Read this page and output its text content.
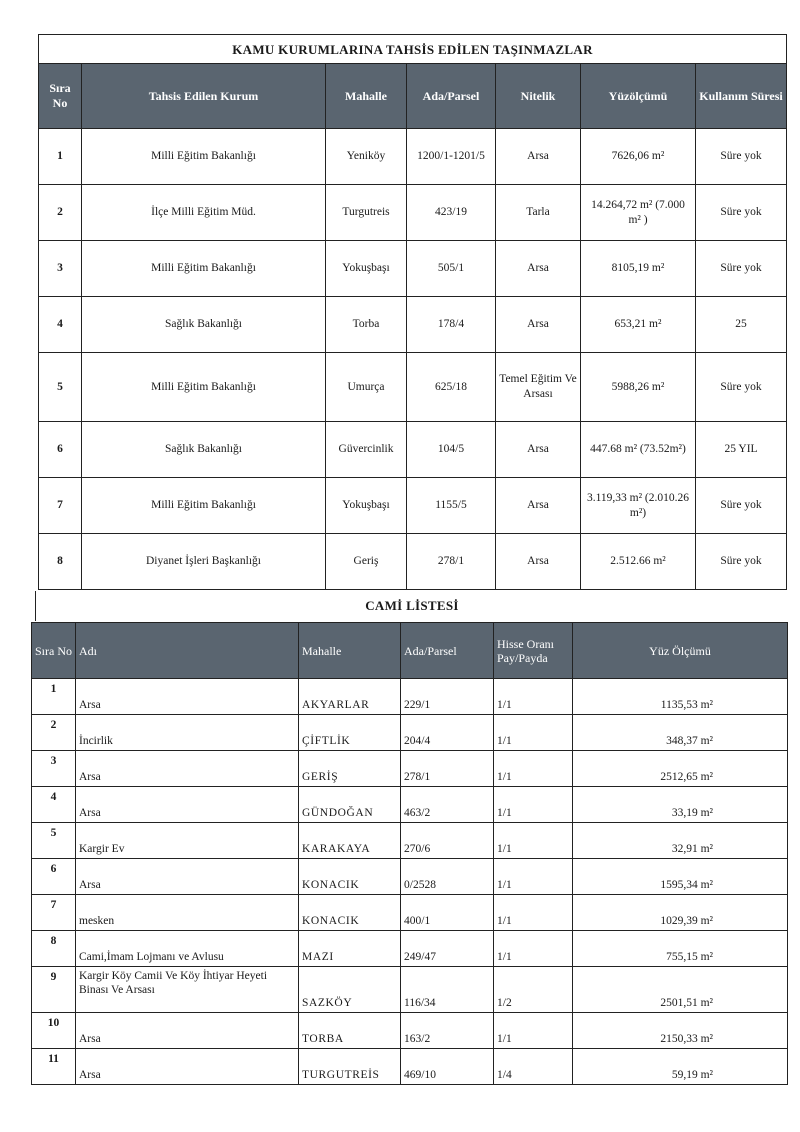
KAMU KURUMLARINA TAHSİS EDİLEN TAŞINMAZLAR						
Sıra No	Tahsis Edilen Kurum	Mahalle	Ada/Parsel	Nitelik	Yüzölçümü	Kullanım Süresi
1	Milli Eğitim Bakanlığı	Yeniköy	1200/1-1201/5	Arsa	7626,06 m²	Süre yok
2	İlçe Milli Eğitim Müd.	Turgutreis	423/19	Tarla	14.264,72 m² (7.000 m² )	Süre yok
3	Milli Eğitim Bakanlığı	Yokuşbaşı	505/1	Arsa	8105,19 m²	Süre yok
4	Sağlık Bakanlığı	Torba	178/4	Arsa	653,21 m²	25
5	Milli Eğitim Bakanlığı	Umurça	625/18	Temel Eğitim Ve Arsası	5988,26 m²	Süre yok
6	Sağlık Bakanlığı	Güvercinlik	104/5	Arsa	447.68 m² (73.52m²)	25 YIL
7	Milli Eğitim Bakanlığı	Yokuşbaşı	1155/5	Arsa	3.119,33 m² (2.010.26 m²)	Süre yok
8	Diyanet İşleri Başkanlığı	Geriş	278/1	Arsa	2.512.66 m²	Süre yok
CAMİ LİSTESİ
Sıra No	Adı	Mahalle	Ada/Parsel	Hisse Oranı Pay/Payda	Yüz Ölçümü
1	Arsa	AKYARLAR	229/1	1/1	1135,53 m²
2	İncirlik	ÇİFTLİK	204/4	1/1	348,37 m²
3	Arsa	GERİŞ	278/1	1/1	2512,65 m²
4	Arsa	GÜNDOĞAN	463/2	1/1	33,19 m²
5	Kargir Ev	KARAKAYA	270/6	1/1	32,91 m²
6	Arsa	KONACIK	0/2528	1/1	1595,34 m²
7	mesken	KONACIK	400/1	1/1	1029,39 m²
8	Cami,İmam Lojmanı ve Avlusu	MAZI	249/47	1/1	755,15 m²
9	Kargir Köy Camii Ve Köy İhtiyar Heyeti Binası Ve Arsası	SAZKÖY	116/34	1/2	2501,51 m²
10	Arsa	TORBA	163/2	1/1	2150,33 m²
11	Arsa	TURGUTREİS	469/10	1/4	59,19 m²
